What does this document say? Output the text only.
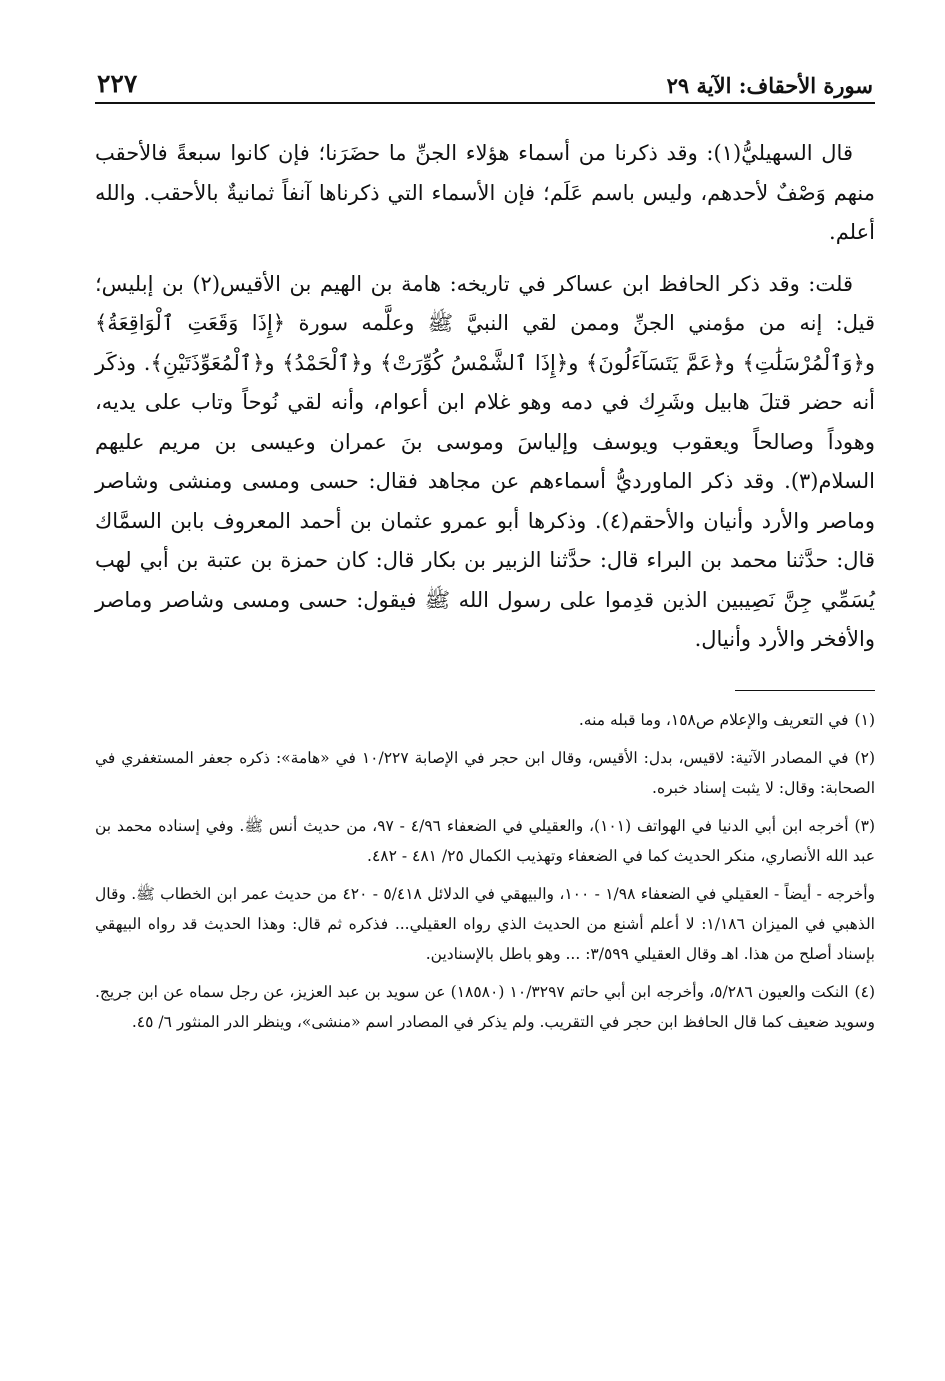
سورة الأحقاف: الآية ٢٩
٢٢٧

قال السهيليُّ(١): وقد ذكرنا من أسماء هؤلاء الجنِّ ما حضَرَنا؛ فإن كانوا سبعةً فالأحقب منهم وَصْفٌ لأحدهم، وليس باسم عَلَم؛ فإن الأسماء التي ذكرناها آنفاً ثمانيةٌ بالأحقب. والله أعلم.

قلت: وقد ذكر الحافظ ابن عساكر في تاريخه: هامة بن الهيم بن الأقيس(٢) بن إبليس؛ قيل: إنه من مؤمني الجنِّ وممن لقي النبيَّ ﷺ وعلَّمه سورة ﴿إِذَا وَقَعَتِ ٱلْوَاقِعَةُ﴾ و﴿وَٱلْمُرْسَلَٰتِ﴾ و﴿عَمَّ يَتَسَآءَلُونَ﴾ و﴿إِذَا ٱلشَّمْسُ كُوِّرَتْ﴾ و﴿ٱلْحَمْدُ﴾ و﴿ٱلْمُعَوِّذَتَيْنِ﴾. وذكَر أنه حضر قتلَ هابيل وشَرِك في دمه وهو غلام ابن أعوام، وأنه لقي نُوحاً وتاب على يديه، وهوداً وصالحاً ويعقوب ويوسف وإلياسَ وموسى بنَ عمران وعيسى بن مريم عليهم السلام(٣). وقد ذكر الماورديُّ أسماءهم عن مجاهد فقال: حسى ومسى ومنشى وشاصر وماصر والأرد وأنيان والأحقم(٤). وذكرها أبو عمرو عثمان بن أحمد المعروف بابن السمَّاك قال: حدَّثنا محمد بن البراء قال: حدَّثنا الزبير بن بكار قال: كان حمزة بن عتبة بن أبي لهب يُسَمِّي جِنَّ نَصِيبين الذين قدِموا على رسول الله ﷺ فيقول: حسى ومسى وشاصر وماصر والأفخر والأرد وأنيال.

(١)في التعريف والإعلام ص١٥٨، وما قبله منه.

(٢)في المصادر الآتية: لاقيس، بدل: الأقيس، وقال ابن حجر في الإصابة ١٠/٢٢٧ في «هامة»: ذكره جعفر المستغفري في الصحابة: وقال: لا يثبت إسناد خبره.

(٣)أخرجه ابن أبي الدنيا في الهواتف (١٠١)، والعقيلي في الضعفاء ٤/٩٦ - ٩٧، من حديث أنس ﷺ. وفي إسناده محمد بن عبد الله الأنصاري، منكر الحديث كما في الضعفاء وتهذيب الكمال ٢٥/ ٤٨١ - ٤٨٢.

وأخرجه - أيضاً - العقيلي في الضعفاء ١/٩٨ - ١٠٠، والبيهقي في الدلائل ٥/٤١٨ - ٤٢٠ من حديث عمر ابن الخطاب ﷺ. وقال الذهبي في الميزان ١/١٨٦: لا أعلم أشنع من الحديث الذي رواه العقيلي... فذكره ثم قال: وهذا الحديث قد رواه البيهقي بإسناد أصلح من هذا. اهـ وقال العقيلي ٣/٥٩٩: ... وهو باطل بالإسنادين.

(٤)النكت والعيون ٥/٢٨٦، وأخرجه ابن أبي حاتم ١٠/٣٢٩٧ (١٨٥٨٠) عن سويد بن عبد العزيز، عن رجل سماه عن ابن جريج. وسويد ضعيف كما قال الحافظ ابن حجر في التقريب. ولم يذكر في المصادر اسم «منشى»، وينظر الدر المنثور ٦/ ٤٥.
